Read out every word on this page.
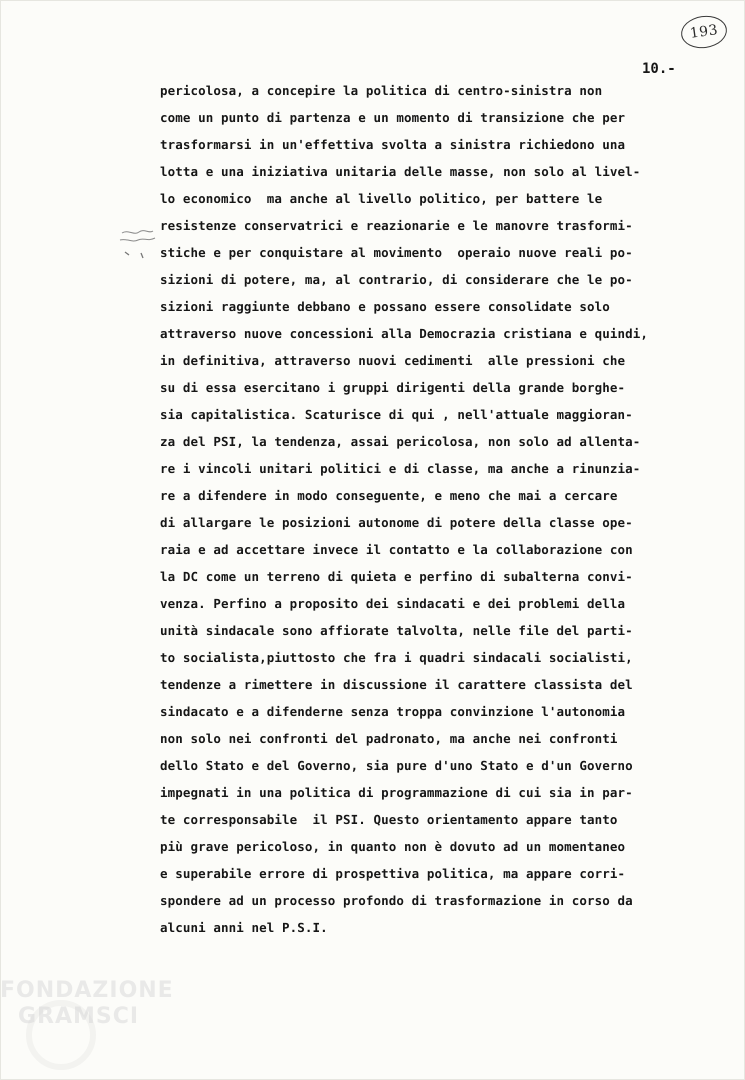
193
10.-
pericolosa, a concepire la politica di centro-sinistra non
come un punto di partenza e un momento di transizione che per
trasformarsi in un'effettiva svolta a sinistra richiedono una
lotta e una iniziativa unitaria delle masse, non solo al livel-
lo economico  ma anche al livello politico, per battere le
resistenze conservatrici e reazionarie e le manovre trasformi-
stiche e per conquistare al movimento  operaio nuove reali po-
sizioni di potere, ma, al contrario, di considerare che le po-
sizioni raggiunte debbano e possano essere consolidate solo
attraverso nuove concessioni alla Democrazia cristiana e quindi,
in definitiva, attraverso nuovi cedimenti  alle pressioni che
su di essa esercitano i gruppi dirigenti della grande borghe-
sia capitalistica. Scaturisce di qui , nell'attuale maggioran-
za del PSI, la tendenza, assai pericolosa, non solo ad allenta-
re i vincoli unitari politici e di classe, ma anche a rinunzia-
re a difendere in modo conseguente, e meno che mai a cercare
di allargare le posizioni autonome di potere della classe ope-
raia e ad accettare invece il contatto e la collaborazione con
la DC come un terreno di quieta e perfino di subalterna convi-
venza. Perfino a proposito dei sindacati e dei problemi della
unità sindacale sono affiorate talvolta, nelle file del parti-
to socialista,piuttosto che fra i quadri sindacali socialisti,
tendenze a rimettere in discussione il carattere classista del
sindacato e a difenderne senza troppa convinzione l'autonomia
non solo nei confronti del padronato, ma anche nei confronti
dello Stato e del Governo, sia pure d'uno Stato e d'un Governo
impegnati in una politica di programmazione di cui sia in par-
te corresponsabile  il PSI. Questo orientamento appare tanto
più grave pericoloso, in quanto non è dovuto ad un momentaneo
e superabile errore di prospettiva politica, ma appare corri-
spondere ad un processo profondo di trasformazione in corso da
alcuni anni nel P.S.I.
FONDAZIONE
GRAMSCI
